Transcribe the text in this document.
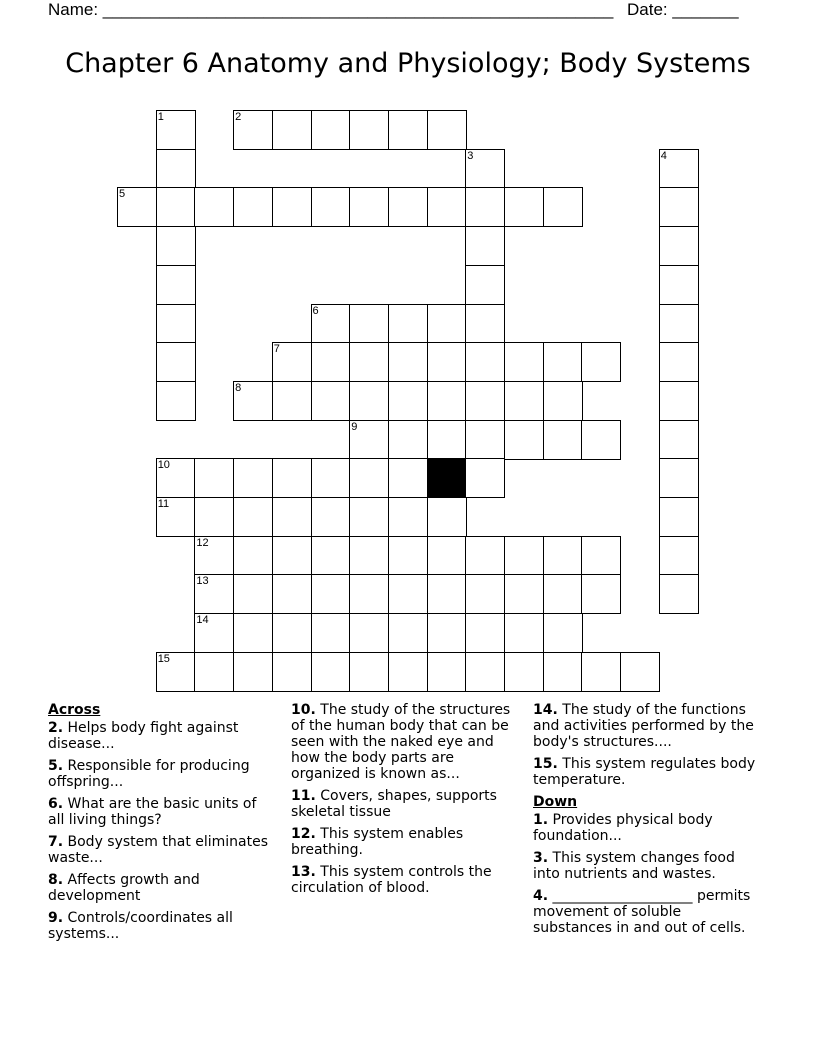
Name: ______________________________________________________ Date: _______
Chapter 6 Anatomy and Physiology; Body Systems
1	2
3	4
5
6
7
8
9
10
11
12
13
14
15
Across
2. Helps body fight against disease...
5. Responsible for producing offspring...
6. What are the basic units of all living things?
7. Body system that eliminates waste...
8. Affects growth and development
9. Controls/coordinates all systems...
10. The study of the structures of the human body that can be seen with the naked eye and how the body parts are organized is known as...
11. Covers, shapes, supports skeletal tissue
12. This system enables breathing.
13. This system controls the circulation of blood.
14. The study of the functions and activities performed by the body's structures....
15. This system regulates body temperature.
Down
1. Provides physical body foundation...
3. This system changes food into nutrients and wastes.
4. ____________________ permits movement of soluble substances in and out of cells.
